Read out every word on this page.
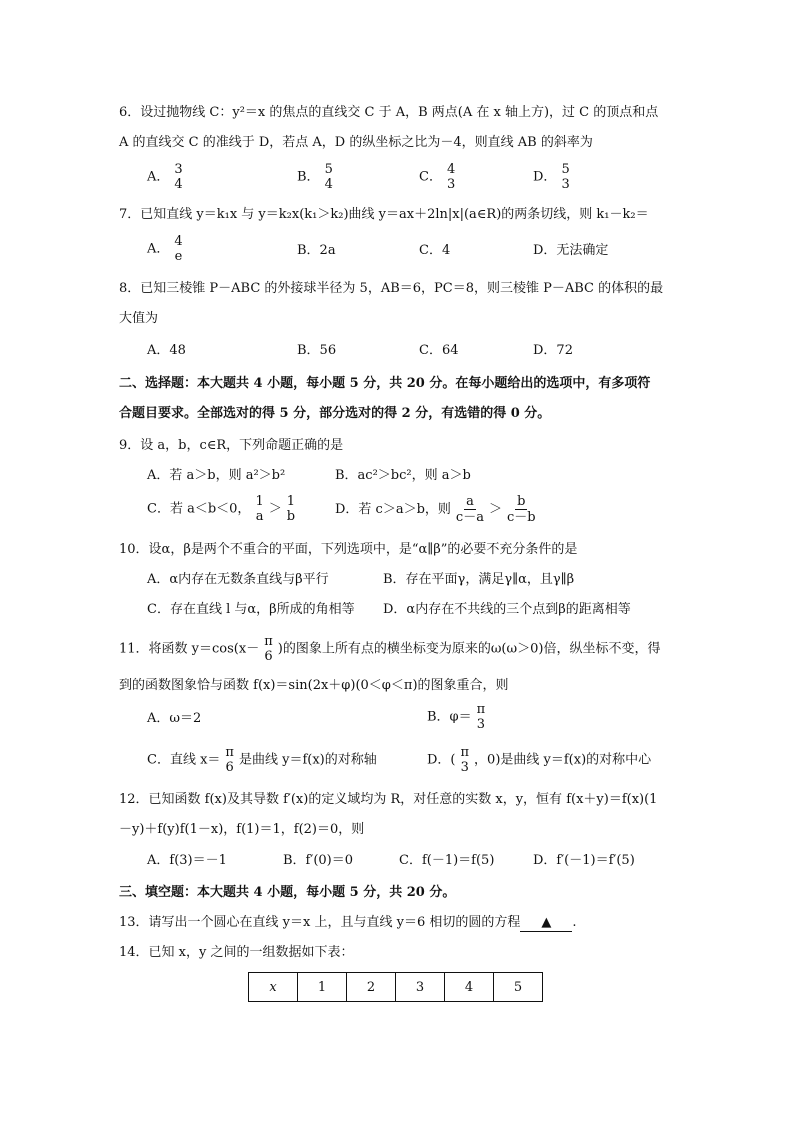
6．设过抛物线 C：y²＝x 的焦点的直线交 C 于 A，B 两点(A 在 x 轴上方)，过 C 的顶点和点
A 的直线交 C 的准线于 D，若点 A，D 的纵坐标之比为－4，则直线 AB 的斜率为
A． 3
4	B． 5
4	C． 4
3	D． 5
3
7．已知直线 y＝k₁x 与 y＝k₂x(k₁＞k₂)曲线 y＝ax＋2ln|x|(a∈R)的两条切线，则 k₁－k₂＝
A． 4
e	B．2a	C．4	D．无法确定
8．已知三棱锥 P－ABC 的外接球半径为 5，AB＝6，PC＝8，则三棱锥 P－ABC 的体积的最
大值为
A．48	B．56	C．64	D．72
二、选择题：本大题共 4 小题，每小题 5 分，共 20 分。在每小题给出的选项中，有多项符
合题目要求。全部选对的得 5 分，部分选对的得 2 分，有选错的得 0 分。
9．设 a，b，c∈R，下列命题正确的是
A．若 a＞b，则 a²＞b²	B．ac²＞bc²，则 a＞b
C．若 a＜b＜0， 1
a ＞ 1
b	D．若 c＞a＞b，则 $\frac{a}{c-a} > \frac{b}{c-b}$
10．设α，β是两个不重合的平面，下列选项中，是“α∥β”的必要不充分条件的是
A．α内存在无数条直线与β平行	B．存在平面γ，满足γ∥α，且γ∥β
C．存在直线 l 与α，β所成的角相等 D．α内存在不共线的三个点到β的距离相等
11．将函数 y＝cos(x－ π
6 )的图象上所有点的横坐标变为原来的ω(ω＞0)倍，纵坐标不变，得
到的函数图象恰与函数 f(x)＝sin(2x＋φ)(0＜φ＜π)的图象重合，则
A．ω＝2	B．φ＝ π
3
C．直线 x＝ π
6 是曲线 y＝f(x)的对称轴	D．( π
3 ，0)是曲线 y＝f(x)的对称中心
12．已知函数 f(x)及其导数 f′(x)的定义域均为 R，对任意的实数 x，y，恒有 f(x＋y)＝f(x)(1
－y)＋f(y)f(1－x)，f(1)＝1，f(2)＝0，则
A．f(3)＝－1	B．f′(0)＝0	C．f(－1)＝f(5)	D．f′(－1)＝f′(5)
三、填空题：本大题共 4 小题，每小题 5 分，共 20 分。
13．请写出一个圆心在直线 y＝x 上，且与直线 y＝6 相切的圆的方程 ▲ .
14．已知 x，y 之间的一组数据如下表：
x	1	2	3	4	5
